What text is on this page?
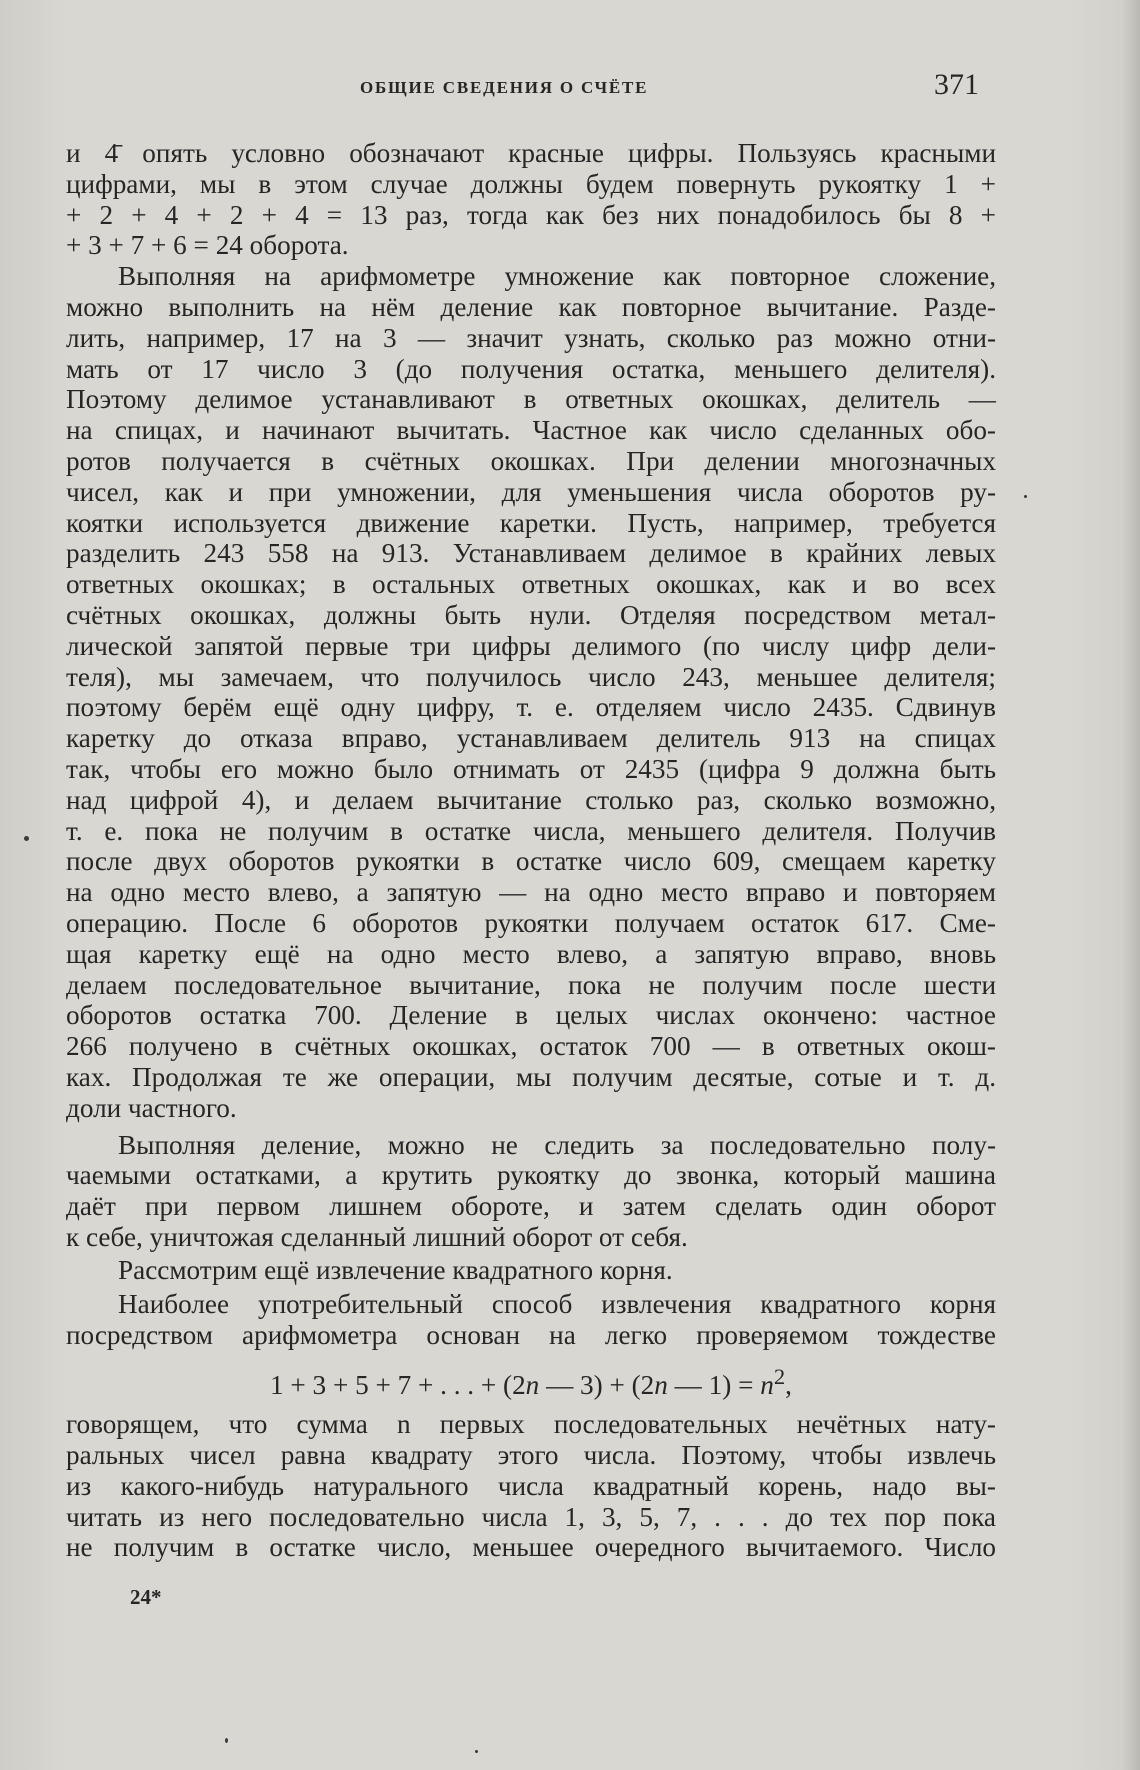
ОБЩИЕ СВЕДЕНИЯ О СЧЁТЕ	371

и 4̄ опять условно обозначают красные цифры. Пользуясь красными
цифрами, мы в этом случае должны будем повернуть рукоятку 1 +
+ 2 + 4 + 2 + 4 = 13 раз, тогда как без них понадобилось бы 8 +
+ 3 + 7 + 6 = 24 оборота.

Выполняя на арифмометре умножение как повторное сложение,
можно выполнить на нём деление как повторное вычитание. Разде-
лить, например, 17 на 3 — значит узнать, сколько раз можно отни-
мать от 17 число 3 (до получения остатка, меньшего делителя).
Поэтому делимое устанавливают в ответных окошках, делитель —
на спицах, и начинают вычитать. Частное как число сделанных обо-
ротов получается в счётных окошках. При делении многозначных
чисел, как и при умножении, для уменьшения числа оборотов ру-
коятки используется движение каретки. Пусть, например, требуется
разделить 243 558 на 913. Устанавливаем делимое в крайних левых
ответных окошках; в остальных ответных окошках, как и во всех
счётных окошках, должны быть нули. Отделяя посредством метал-
лической запятой первые три цифры делимого (по числу цифр дели-
теля), мы замечаем, что получилось число 243, меньшее делителя;
поэтому берём ещё одну цифру, т. е. отделяем число 2435. Сдвинув
каретку до отказа вправо, устанавливаем делитель 913 на спицах
так, чтобы его можно было отнимать от 2435 (цифра 9 должна быть
над цифрой 4), и делаем вычитание столько раз, сколько возможно,
т. е. пока не получим в остатке числа, меньшего делителя. Получив
после двух оборотов рукоятки в остатке число 609, смещаем каретку
на одно место влево, а запятую — на одно место вправо и повторяем
операцию. После 6 оборотов рукоятки получаем остаток 617. Сме-
щая каретку ещё на одно место влево, а запятую вправо, вновь
делаем последовательное вычитание, пока не получим после шести
оборотов остатка 700. Деление в целых числах окончено: частное
266 получено в счётных окошках, остаток 700 — в ответных окош-
ках. Продолжая те же операции, мы получим десятые, сотые и т. д.
доли частного.

Выполняя деление, можно не следить за последовательно полу-
чаемыми остатками, а крутить рукоятку до звонка, который машина
даёт при первом лишнем обороте, и затем сделать один оборот
к себе, уничтожая сделанный лишний оборот от себя.

Рассмотрим ещё извлечение квадратного корня.

Наиболее употребительный способ извлечения квадратного корня
посредством арифмометра основан на легко проверяемом тождестве

1 + 3 + 5 + 7 + . . . + (2n — 3) + (2n — $1) = n^2$,

говорящем, что сумма n первых последовательных нечётных нату-
ральных чисел равна квадрату этого числа. Поэтому, чтобы извлечь
из какого-нибудь натурального числа квадратный корень, надо вы-
читать из него последовательно числа 1, 3, 5, 7, . . . до тех пор пока
не получим в остатке число, меньшее очередного вычитаемого. Число

24*
